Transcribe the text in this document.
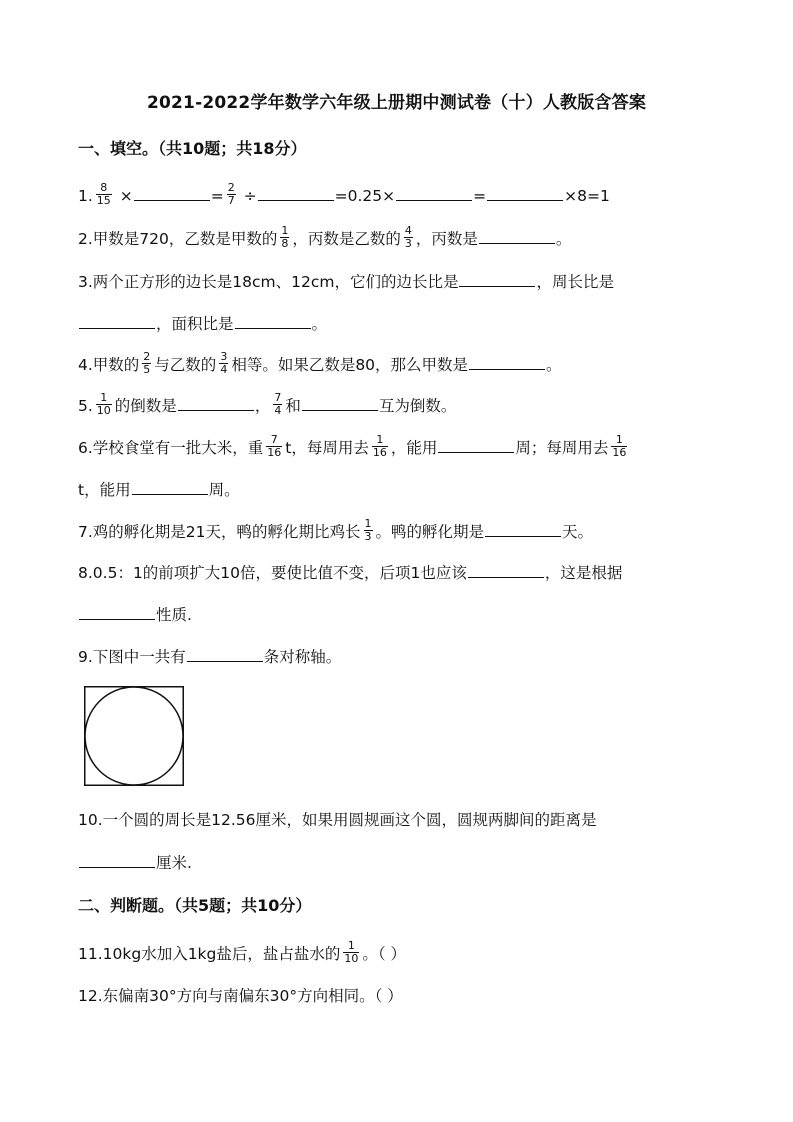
2021-2022学年数学六年级上册期中测试卷（十）人教版含答案
一、填空。（共10题；共18分）
1. $\frac{8}{15}$ ×	= $\frac{2}{7}$ ÷	=0.25×	=	×8=1
2.甲数是720，乙数是甲数的 $\frac{1}{8}$ ，丙数是乙数的 $\frac{4}{3}$ ，丙数是	。
3.两个正方形的边长是18cm、12cm，它们的边长比是	，周长比是
，面积比是	。
4.甲数的 $\frac{2}{5}$ 与乙数的 $\frac{3}{4}$ 相等。如果乙数是80，那么甲数是	。
5. $\frac{1}{10}$ 的倒数是	， $\frac{7}{4}$ 和	互为倒数。
6.学校食堂有一批大米，重 $\frac{7}{16}$ t，每周用去 $\frac{1}{16}$ ，能用	周；每周用去 $\frac{1}{16}$
t，能用	周。
7.鸡的孵化期是21天，鸭的孵化期比鸡长 $\frac{1}{3}$ 。鸭的孵化期是	天。
8.0.5：1的前项扩大10倍，要使比值不变，后项1也应该	，这是根据
性质.
9.下图中一共有	条对称轴。
10.一个圆的周长是12.56厘米，如果用圆规画这个圆，圆规两脚间的距离是
厘米.
二、判断题。（共5题；共10分）
11.10kg水加入1kg盐后，盐占盐水的 $\frac{1}{10}$ 。（ ）
12.东偏南30°方向与南偏东30°方向相同。（ ）
